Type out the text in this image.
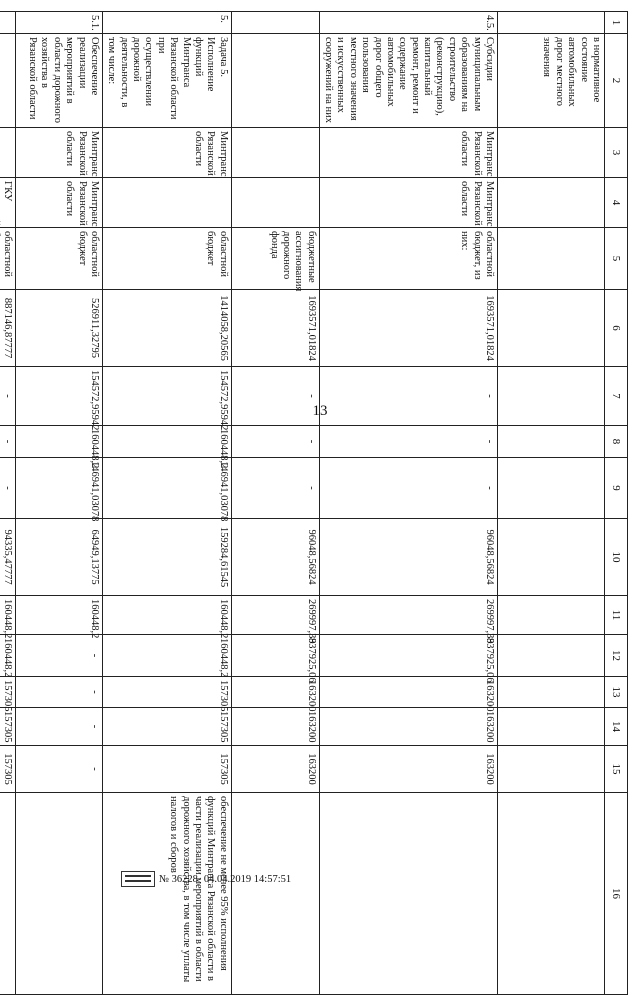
13
1	2	3	4	5	6	7	8	9	10	11	12	13	14	15	16
	в нормативное состояние автомобильных дорог местного значения														
4.5.	Субсидии муниципальным образованиям на строительство (реконструкцию), капитальный ремонт, ремонт и содержание автомобильных дорог общего пользования местного значения и искусственных сооружений на них	Минтранс Рязанской области	Минтранс Рязанской области	областной бюджет, из них:	1693571,01824	-	-	-	96048,56824	269997,39	837925,06	163200	163200	163200	
				бюджетные ассигнования дорожного фонда	1693571,01824	-	-	-	96048,56824	269997,39	837925,06	163200	163200	163200	
5.	Задача 5. Исполнение функций Минтранса Рязанской области при осуществлении дорожной деятельности, в том числе:	Минтранс Рязанской области		областной бюджет	1414058,20565	154572,95942	160448,2	146941,03078	159284,61545	160448,2	160448,2	157305	157305	157305	обеспечение не менее 95% исполнения функций Минтранса Рязанской области в части реализации мероприятий в области дорожного хозяйства, в том числе уплаты налогов и сборов
5.1.	Обеспечение реализации мероприятий в области дорожного хозяйства в Рязанской области	Минтранс Рязанской области	Минтранс Рязанской области	областной бюджет	526911,32795	154572,95942	160448,2	146941,03078	64949,13775	160448,2	-	-	-	-	
			ГКУ	областной	887146,87777	-	-	-	94335,47777	160448,2	160448,2	157305	157305	157305	
№ 36228 04.04.2019 14:57:51
